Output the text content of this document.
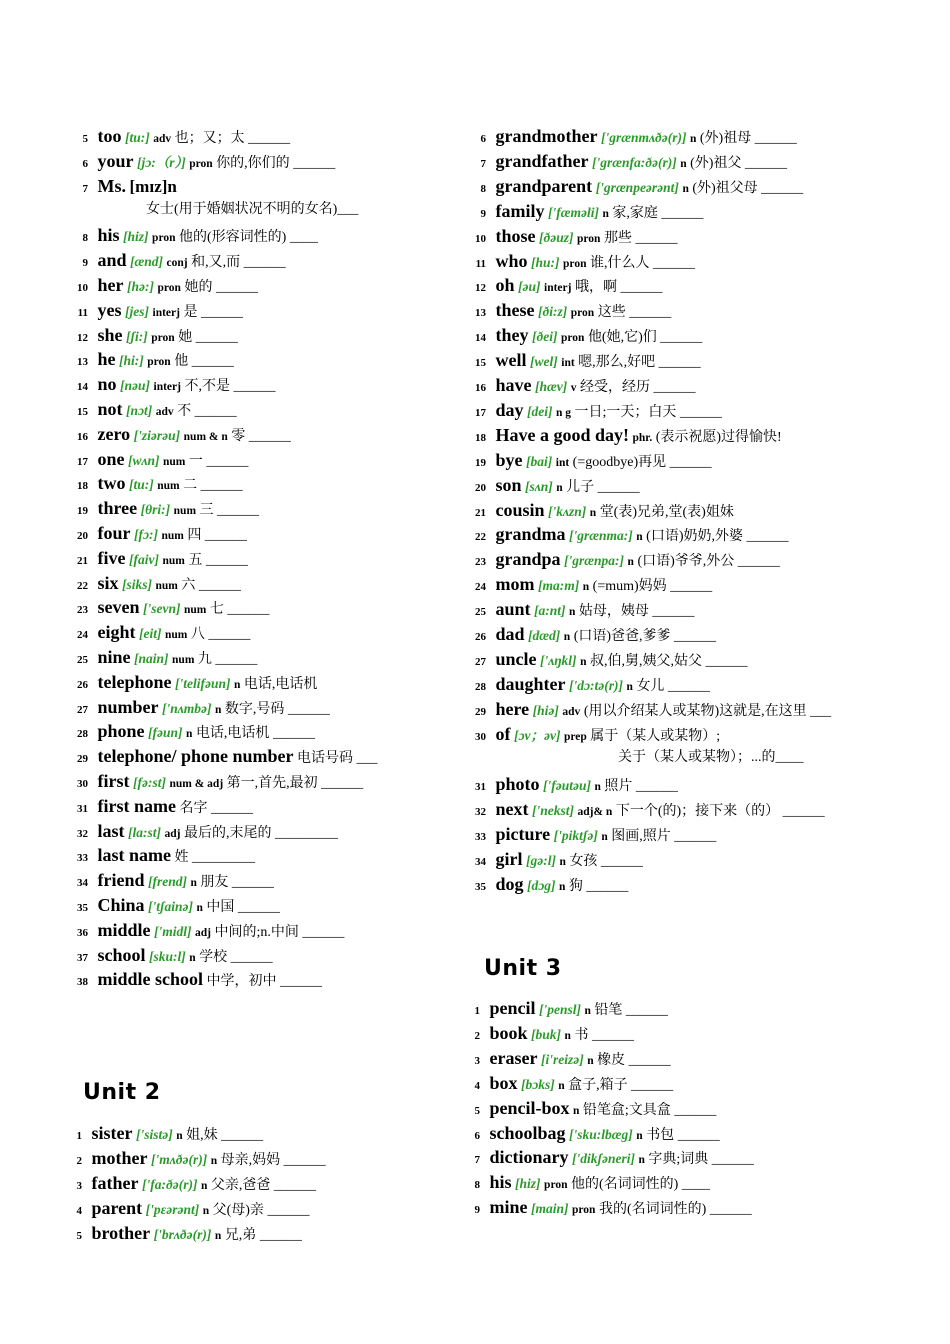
5 too [tu:] adv 也；又；太 ______
6 your [jɔ:（r）] pron 你的,你们的 ______
7 Ms. [mɪz]n
8 his [hiz] pron 他的(形容词性的) ____
9 and [ænd] conj 和,又,而 ______
10 her [hə:] pron 她的 ______
11 yes [jes] interj 是 ______
12 she [ʃi:] pron 她 ______
13 he [hi:] pron 他 ______
14 no [nəu] interj 不,不是 ______
15 not [nɔt] adv 不 ______
16 zero ['ziərəu] num & n 零 ______
17 one [wʌn] num 一 ______
18 two [tu:] num 二 ______
19 three [θri:] num 三 ______
20 four [fɔ:] num 四 ______
21 five [faiv] num 五 ______
22 six [siks] num 六 ______
23 seven ['sevn] num 七 ______
24 eight [eit] num 八 ______
25 nine [nain] num 九 ______
26 telephone ['telifəun] n 电话,电话机
27 number ['nʌmbə] n 数字,号码 ______
28 phone [fəun] n 电话,电话机 ______
29 telephone/ phone number 电话号码 ___
30 first [fə:st] num & adj 第一,首先,最初 ______
31 first name 名字 ______
32 last [lɑ:st] adj 最后的,末尾的 _________
33 last name 姓 _________
34 friend [frend] n 朋友 ______
35 China ['tʃainə] n 中国 ______
36 middle ['midl] adj 中间的;n.中间 ______
37 school [sku:l] n 学校 ______
38 middle school 中学，初中 ______
1 sister ['sistə] n 姐,妹 ______
2 mother ['mʌðə(r)] n 母亲,妈妈 ______
3 father ['fɑ:ðə(r)] n 父亲,爸爸 ______
4 parent ['pɛərənt] n 父(母)亲 ______
5 brother ['brʌðə(r)] n 兄,弟 ______
女士(用于婚姻状况不明的女名)___
Unit 2
6 grandmother ['grænmʌðə(r)] n (外)祖母 ______
7 grandfather ['grænfɑ:ðə(r)] n (外)祖父 ______
8 grandparent ['grænpeərənt] n (外)祖父母 ______
9 family ['fæməli] n 家,家庭 ______
10 those [ðəuz] pron 那些 ______
11 who [hu:] pron 谁,什么人 ______
12 oh [əu] interj 哦，啊 ______
13 these [ði:z] pron 这些 ______
14 they [ðei] pron 他(她,它)们 ______
15 well [wel] int 嗯,那么,好吧 ______
16 have [hæv] v 经受，经历 ______
17 day [dei] n g 一日;一天；白天 ______
18 Have a good day! phr. (表示祝愿)过得愉快!
19 bye [bai] int (=goodbye)再见 ______
20 son [sʌn] n 儿子 ______
21 cousin ['kʌzn] n 堂(表)兄弟,堂(表)姐妹
22 grandma ['grænmɑ:] n (口语)奶奶,外婆 ______
23 grandpa ['grænpɑ:] n (口语)爷爷,外公 ______
24 mom [mɑ:m] n (=mum)妈妈 ______
25 aunt [ɑ:nt] n 姑母，姨母 ______
26 dad [dæd] n (口语)爸爸,爹爹 ______
27 uncle ['ʌŋkl] n 叔,伯,舅,姨父,姑父 ______
28 daughter ['dɔ:tə(r)] n 女儿 ______
29 here [hiə] adv (用以介绍某人或某物)这就是,在这里 ___
30 of [ɔv；əv] prep 属于（某人或某物）;
31 photo ['fəutəu] n 照片 ______
32 next ['nekst] adj& n 下一个(的)；接下来（的） ______
33 picture ['piktʃə] n 图画,照片 ______
34 girl [gə:l] n 女孩 ______
35 dog [dɔg] n 狗 ______
1 pencil ['pensl] n 铅笔 ______
2 book [buk] n 书 ______
3 eraser [i'reizə] n 橡皮 ______
4 box [bɔks] n 盒子,箱子 ______
5 pencil-box n 铅笔盒;文具盒 ______
6 schoolbag ['sku:lbæg] n 书包 ______
7 dictionary ['dikʃəneri] n 字典;词典 ______
8 his [hiz] pron 他的(名词词性的) ____
9 mine [main] pron 我的(名词词性的) ______
关于（某人或某物）；...的____
Unit 3
